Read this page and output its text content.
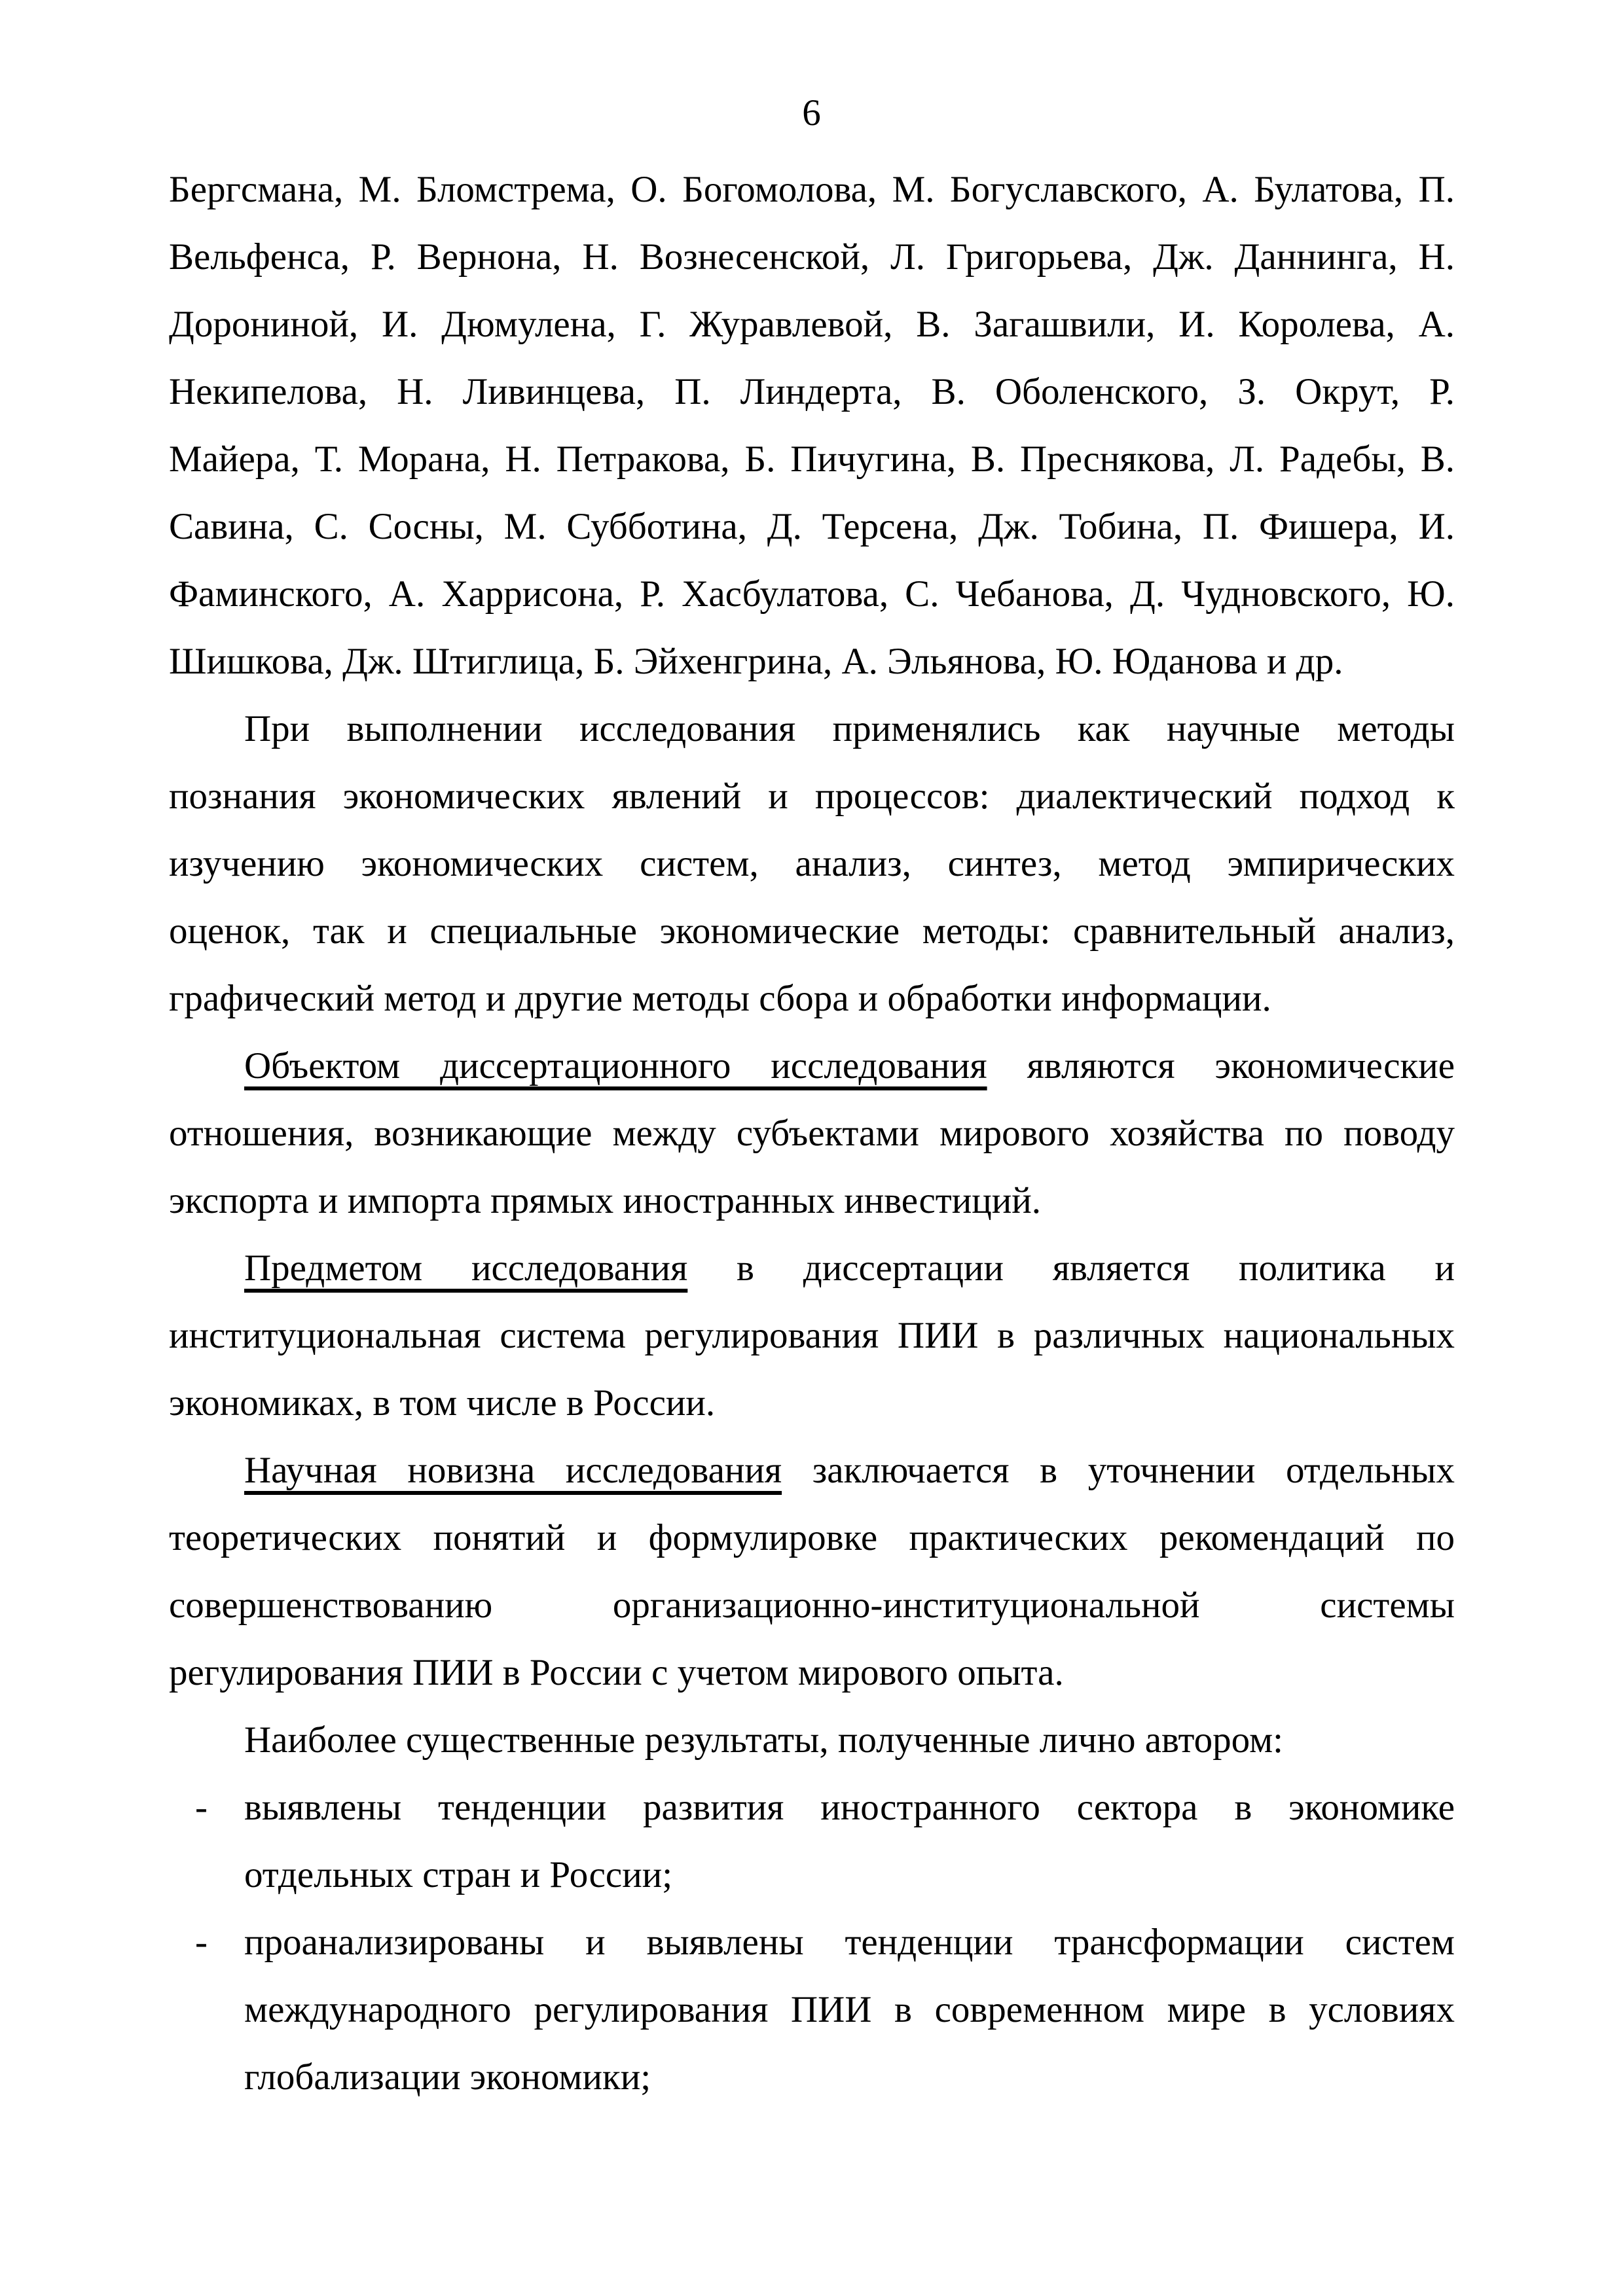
6
Бергсмана, М. Бломстрема, О. Богомолова, М. Богуславского, А. Булатова, П.
Вельфенса, Р. Вернона, Н. Вознесенской, Л. Григорьева, Дж. Даннинга, Н.
Дорониной, И. Дюмулена, Г. Журавлевой, В. Загашвили, И. Королева, А.
Некипелова, Н. Ливинцева, П. Линдерта, В. Оболенского, З. Окрут, Р.
Майера, Т. Морана, Н. Петракова, Б. Пичугина, В. Преснякова, Л. Радебы, В.
Савина, С. Сосны, М. Субботина, Д. Терсена, Дж. Тобина, П. Фишера, И.
Фаминского, А. Харрисона, Р. Хасбулатова, С. Чебанова, Д. Чудновского, Ю.
Шишкова, Дж. Штиглица, Б. Эйхенгрина, А. Эльянова, Ю. Юданова и др.
При выполнении исследования применялись как научные методы
познания экономических явлений и процессов: диалектический подход к
изучению экономических систем, анализ, синтез, метод эмпирических
оценок, так и специальные экономические методы: сравнительный анализ,
графический метод и другие методы сбора и обработки информации.
Объектом диссертационного исследования являются экономические
отношения, возникающие между субъектами мирового хозяйства по поводу
экспорта и импорта прямых иностранных инвестиций.
Предметом исследования в диссертации является политика и
институциональная система регулирования ПИИ в различных национальных
экономиках, в том числе в России.
Научная новизна исследования заключается в уточнении отдельных
теоретических понятий и формулировке практических рекомендаций по
совершенствованию организационно-институциональной системы
регулирования ПИИ в России с учетом мирового опыта.
Наиболее существенные результаты, полученные лично автором:
- выявлены тенденции развития иностранного сектора в экономике
отдельных стран и России;
- проанализированы и выявлены тенденции трансформации систем
международного регулирования ПИИ в современном мире в условиях
глобализации экономики;
